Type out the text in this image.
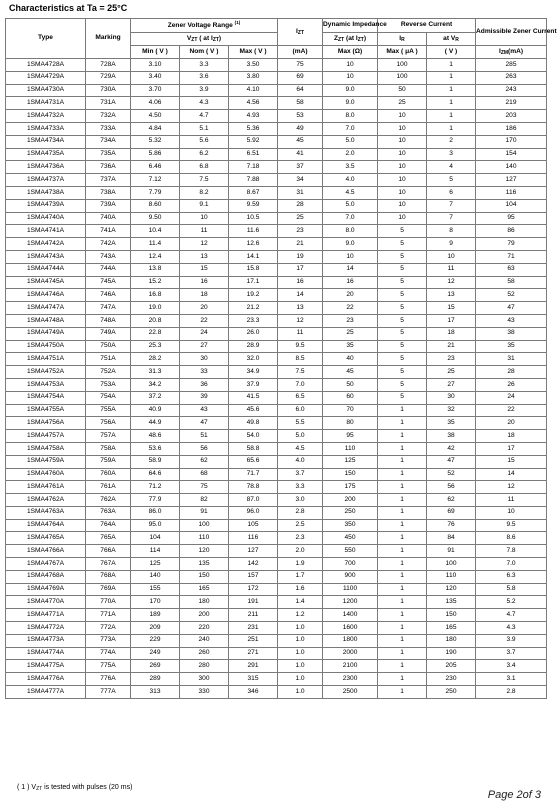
Characteristics at Ta = 25°C
Type	Marking	Zener Voltage Range $^{(1)}$			$I_{ZT}$	Dynamic Impedance	Reverse Current		Admissible Zener Current
		$V_{ZT}$ ( at $I_{ZT}$)				$Z_{ZT}$ (at $I_{ZT}$)	$I_R$	at $V_R$
		Min ( V )	Nom ( V )	Max ( V )	(mA)	Max (Ω)	Max ( μA )	( V )	$I_{ZM}(mA)$
1SMA4728A	728A	3.10	3.3	3.50	75	10	100	1	285
1SMA4729A	729A	3.40	3.6	3.80	69	10	100	1	263
1SMA4730A	730A	3.70	3.9	4.10	64	9.0	50	1	243
1SMA4731A	731A	4.06	4.3	4.56	58	9.0	25	1	219
1SMA4732A	732A	4.50	4.7	4.93	53	8.0	10	1	203
1SMA4733A	733A	4.84	5.1	5.36	49	7.0	10	1	186
1SMA4734A	734A	5.32	5.6	5.92	45	5.0	10	2	170
1SMA4735A	735A	5.86	6.2	6.51	41	2.0	10	3	154
1SMA4736A	736A	6.46	6.8	7.18	37	3.5	10	4	140
1SMA4737A	737A	7.12	7.5	7.88	34	4.0	10	5	127
1SMA4738A	738A	7.79	8.2	8.67	31	4.5	10	6	116
1SMA4739A	739A	8.60	9.1	9.59	28	5.0	10	7	104
1SMA4740A	740A	9.50	10	10.5	25	7.0	10	7	95
1SMA4741A	741A	10.4	11	11.6	23	8.0	5	8	86
1SMA4742A	742A	11.4	12	12.6	21	9.0	5	9	79
1SMA4743A	743A	12.4	13	14.1	19	10	5	10	71
1SMA4744A	744A	13.8	15	15.8	17	14	5	11	63
1SMA4745A	745A	15.2	16	17.1	16	16	5	12	58
1SMA4746A	746A	16.8	18	19.2	14	20	5	13	52
1SMA4747A	747A	19.0	20	21.2	13	22	5	15	47
1SMA4748A	748A	20.8	22	23.3	12	23	5	17	43
1SMA4749A	749A	22.8	24	26.0	11	25	5	18	38
1SMA4750A	750A	25.3	27	28.9	9.5	35	5	21	35
1SMA4751A	751A	28.2	30	32.0	8.5	40	5	23	31
1SMA4752A	752A	31.3	33	34.9	7.5	45	5	25	28
1SMA4753A	753A	34.2	36	37.9	7.0	50	5	27	26
1SMA4754A	754A	37.2	39	41.5	6.5	60	5	30	24
1SMA4755A	755A	40.9	43	45.6	6.0	70	1	32	22
1SMA4756A	756A	44.9	47	49.8	5.5	80	1	35	20
1SMA4757A	757A	48.6	51	54.0	5.0	95	1	38	18
1SMA4758A	758A	53.6	56	58.8	4.5	110	1	42	17
1SMA4759A	759A	58.9	62	65.6	4.0	125	1	47	15
1SMA4760A	760A	64.6	68	71.7	3.7	150	1	52	14
1SMA4761A	761A	71.2	75	78.8	3.3	175	1	56	12
1SMA4762A	762A	77.9	82	87.0	3.0	200	1	62	11
1SMA4763A	763A	86.0	91	96.0	2.8	250	1	69	10
1SMA4764A	764A	95.0	100	105	2.5	350	1	76	9.5
1SMA4765A	765A	104	110	116	2.3	450	1	84	8.6
1SMA4766A	766A	114	120	127	2.0	550	1	91	7.8
1SMA4767A	767A	125	135	142	1.9	700	1	100	7.0
1SMA4768A	768A	140	150	157	1.7	900	1	110	6.3
1SMA4769A	769A	155	165	172	1.6	1100	1	120	5.8
1SMA4770A	770A	170	180	191	1.4	1200	1	135	5.2
1SMA4771A	771A	189	200	211	1.2	1400	1	150	4.7
1SMA4772A	772A	209	220	231	1.0	1600	1	165	4.3
1SMA4773A	773A	229	240	251	1.0	1800	1	180	3.9
1SMA4774A	774A	249	260	271	1.0	2000	1	190	3.7
1SMA4775A	775A	269	280	291	1.0	2100	1	205	3.4
1SMA4776A	776A	289	300	315	1.0	2300	1	230	3.1
1SMA4777A	777A	313	330	346	1.0	2500	1	250	2.8
( 1 ) $V_{ZT}$ is tested with pulses (20 ms)
Page 2of 3
